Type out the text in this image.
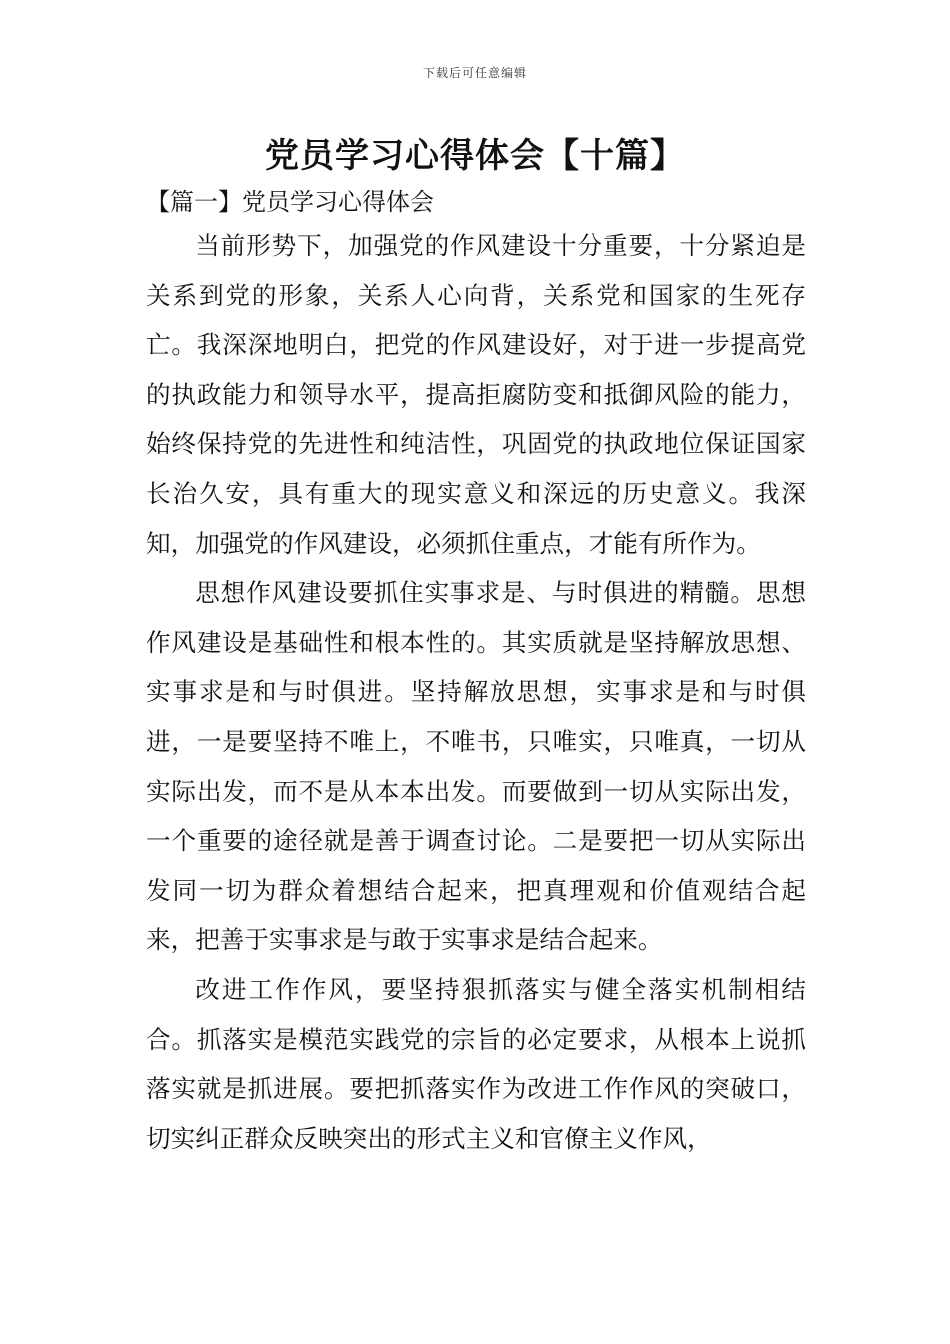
下载后可任意编辑
党员学习心得体会【十篇】
【篇一】党员学习心得体会

当前形势下，加强党的作风建设十分重要，十分紧迫是关系到党的形象，关系人心向背，关系党和国家的生死存亡。我深深地明白，把党的作风建设好，对于进一步提高党的执政能力和领导水平，提高拒腐防变和抵御风险的能力，始终保持党的先进性和纯洁性，巩固党的执政地位保证国家长治久安，具有重大的现实意义和深远的历史意义。我深知，加强党的作风建设，必须抓住重点，才能有所作为。

思想作风建设要抓住实事求是、与时俱进的精髓。思想作风建设是基础性和根本性的。其实质就是坚持解放思想、实事求是和与时俱进。坚持解放思想，实事求是和与时俱进，一是要坚持不唯上，不唯书，只唯实，只唯真，一切从实际出发，而不是从本本出发。而要做到一切从实际出发，一个重要的途径就是善于调查讨论。二是要把一切从实际出发同一切为群众着想结合起来，把真理观和价值观结合起来，把善于实事求是与敢于实事求是结合起来。

改进工作作风，要坚持狠抓落实与健全落实机制相结合。抓落实是模范实践党的宗旨的必定要求，从根本上说抓落实就是抓进展。要把抓落实作为改进工作作风的突破口，切实纠正群众反映突出的形式主义和官僚主义作风，
